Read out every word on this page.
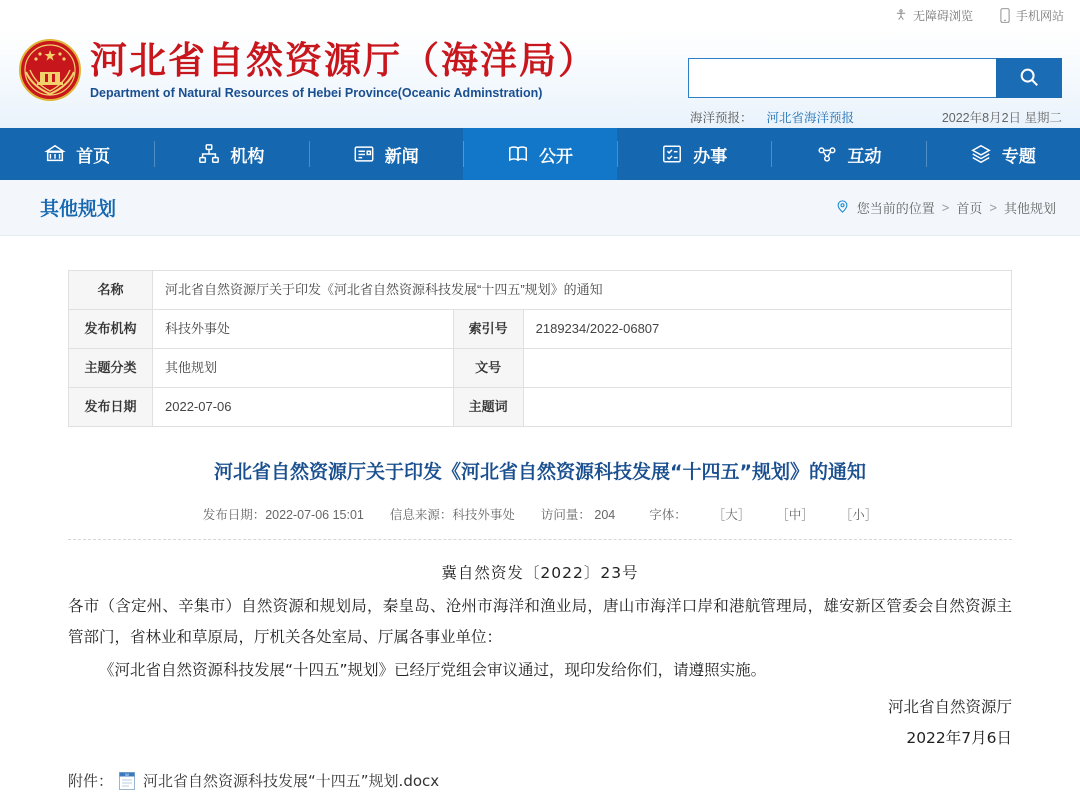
无障碍浏览	手机网站
河北省自然资源厅（海洋局）
Department of Natural Resources of Hebei Province(Oceanic Adminstration)
海洋预报： 河北省海洋预报	2022年8月2日 星期二
首页	机构	新闻	公开	办事	互动	专题
其他规划	您当前的位置 > 首页 > 其他规划
名称	河北省自然资源厅关于印发《河北省自然资源科技发展“十四五”规划》的通知		
发布机构	科技外事处	索引号	2189234/2022-06807
主题分类	其他规划	文号	
发布日期	2022-07-06	主题词	
河北省自然资源厅关于印发《河北省自然资源科技发展“十四五”规划》的通知
发布日期：2022-07-06 15:01 信息来源：科技外事处 访问量： 204	字体： ［大］ ［中］ ［小］
冀自然资发〔2022〕23号
各市（含定州、辛集市）自然资源和规划局，秦皇岛、沧州市海洋和渔业局，唐山市海洋口岸和港航管理局，雄安新区管委会自然资源主管部门，省林业和草原局，厅机关各处室局、厅属各事业单位：
《河北省自然资源科技发展“十四五”规划》已经厅党组会审议通过，现印发给你们，请遵照实施。
河北省自然资源厅
2022年7月6日
附件：	W 河北省自然资源科技发展“十四五”规划.docx
